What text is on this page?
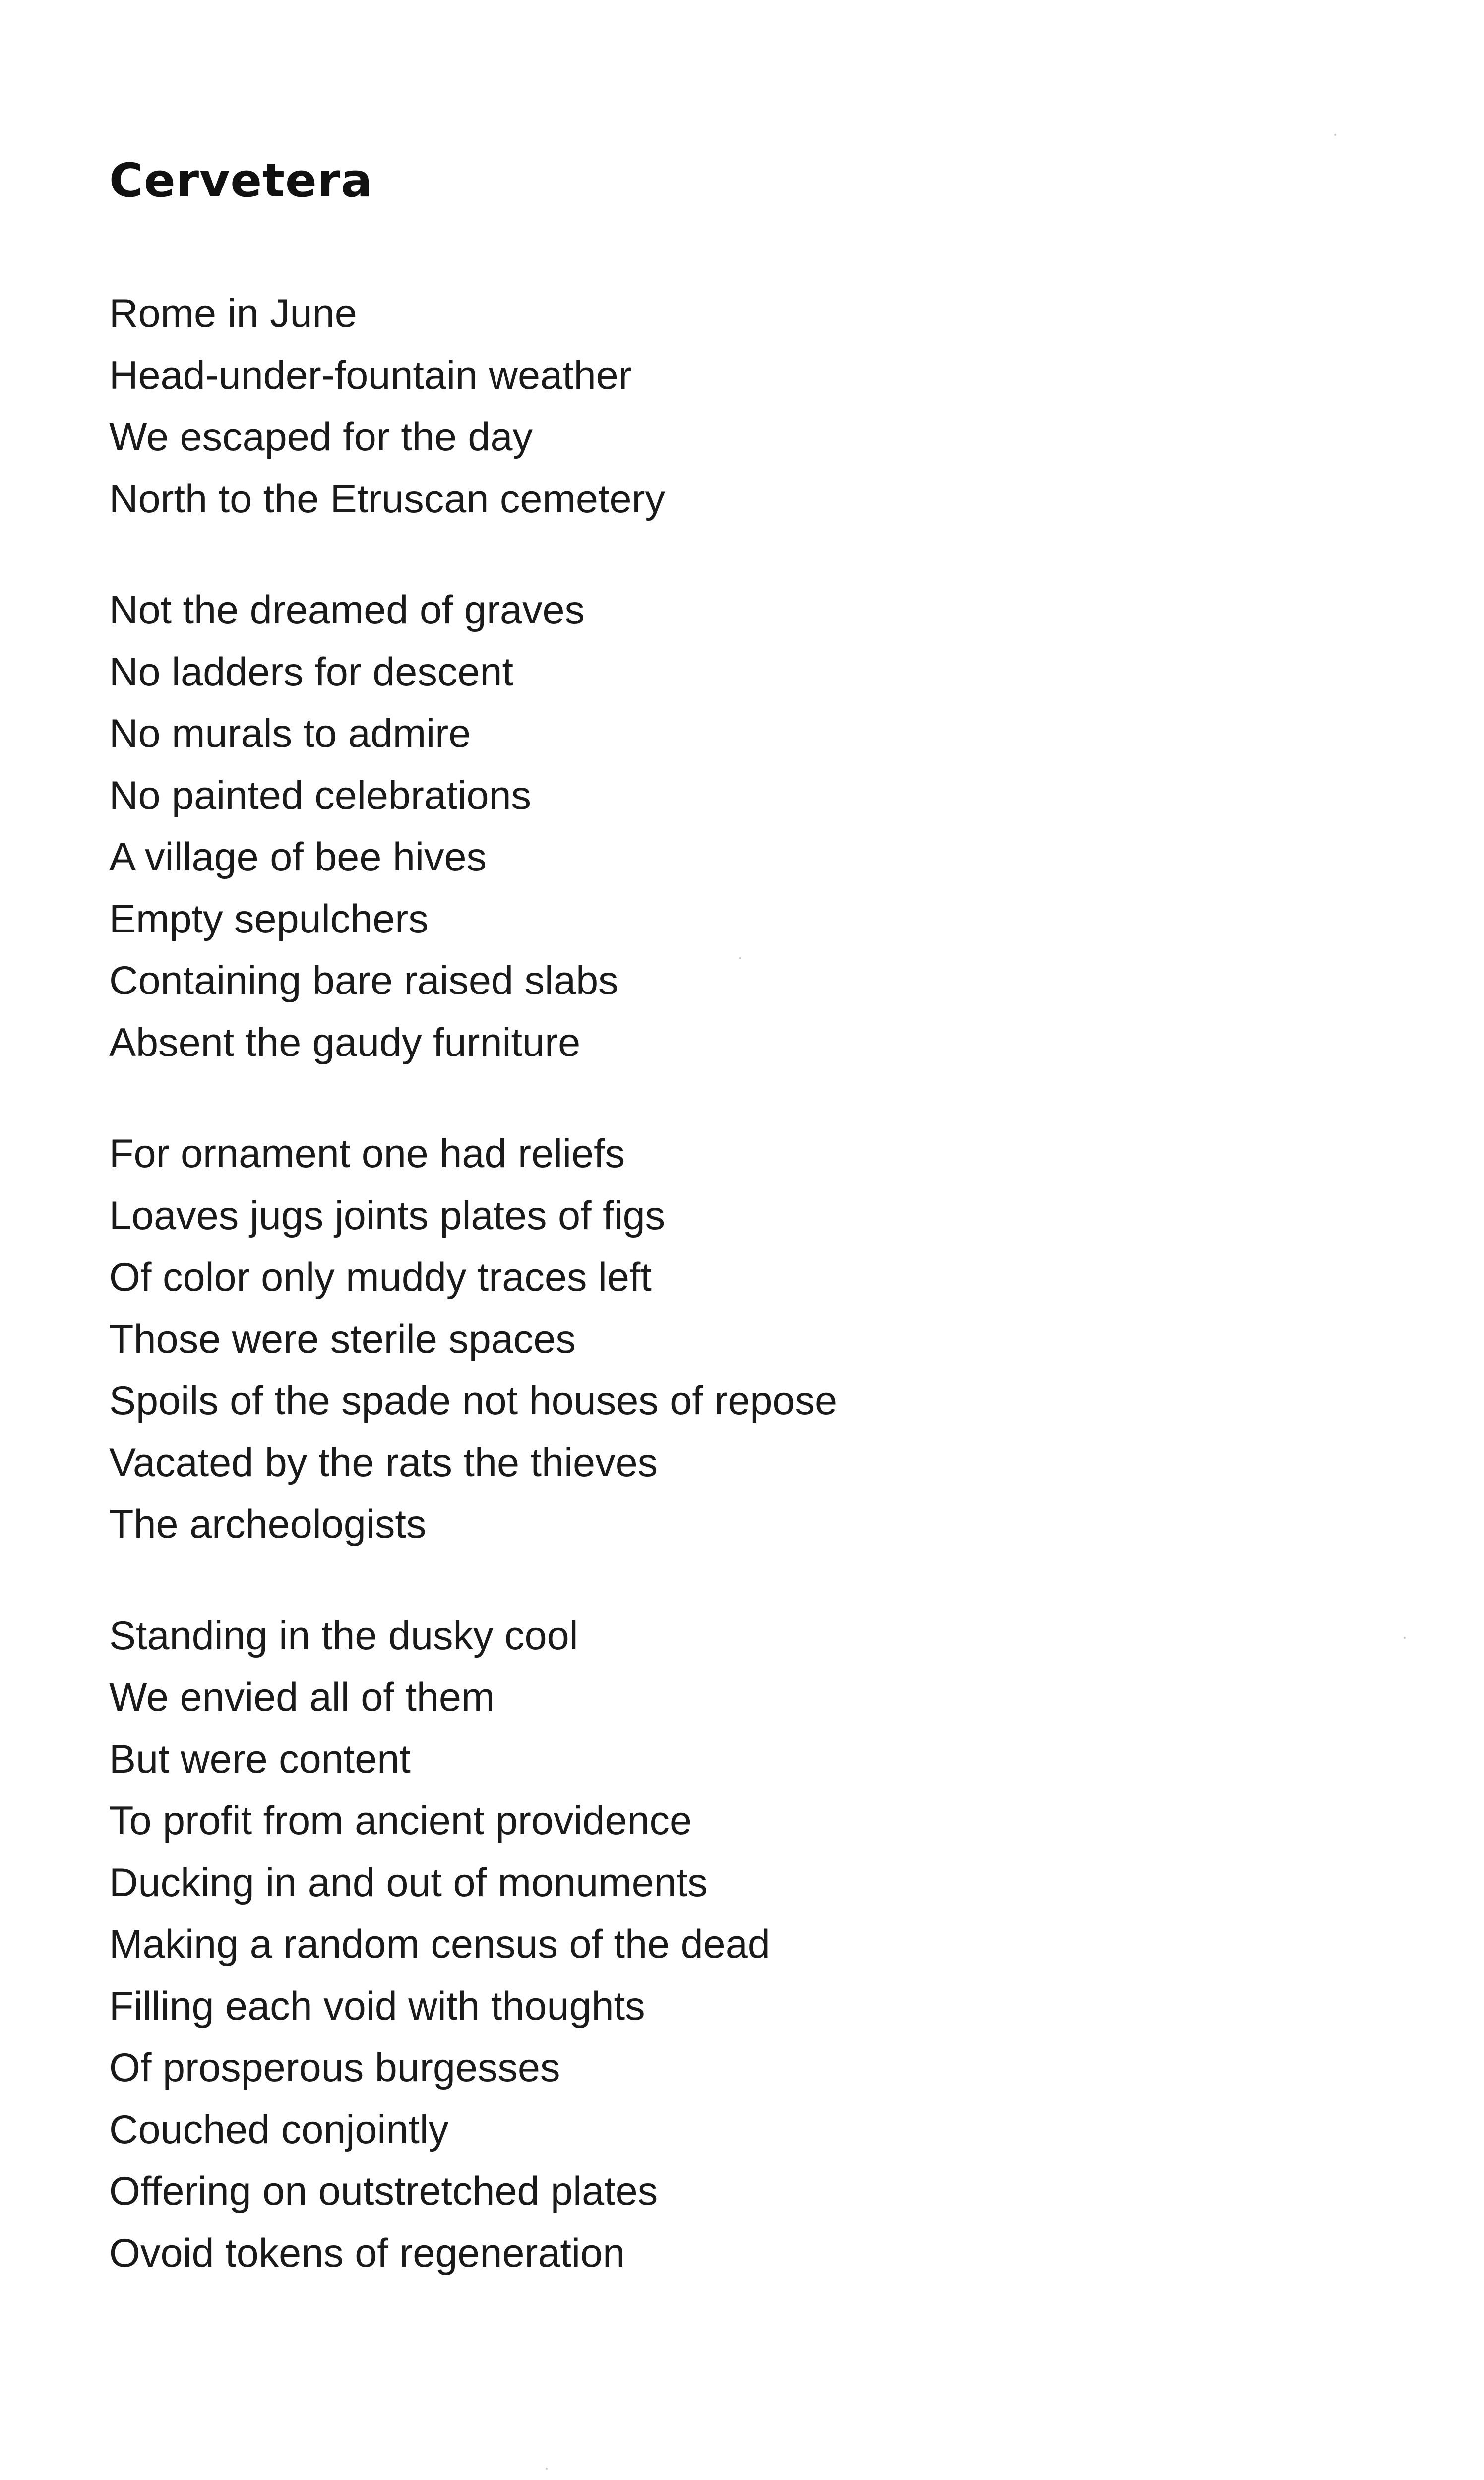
Cervetera
Rome in June
Head-under-fountain weather
We escaped for the day
North to the Etruscan cemetery
Not the dreamed of graves
No ladders for descent
No murals to admire
No painted celebrations
A village of bee hives
Empty sepulchers
Containing bare raised slabs
Absent the gaudy furniture
For ornament one had reliefs
Loaves jugs joints plates of figs
Of color only muddy traces left
Those were sterile spaces
Spoils of the spade not houses of repose
Vacated by the rats the thieves
The archeologists
Standing in the dusky cool
We envied all of them
But were content
To profit from ancient providence
Ducking in and out of monuments
Making a random census of the dead
Filling each void with thoughts
Of prosperous burgesses
Couched conjointly
Offering on outstretched plates
Ovoid tokens of regeneration
